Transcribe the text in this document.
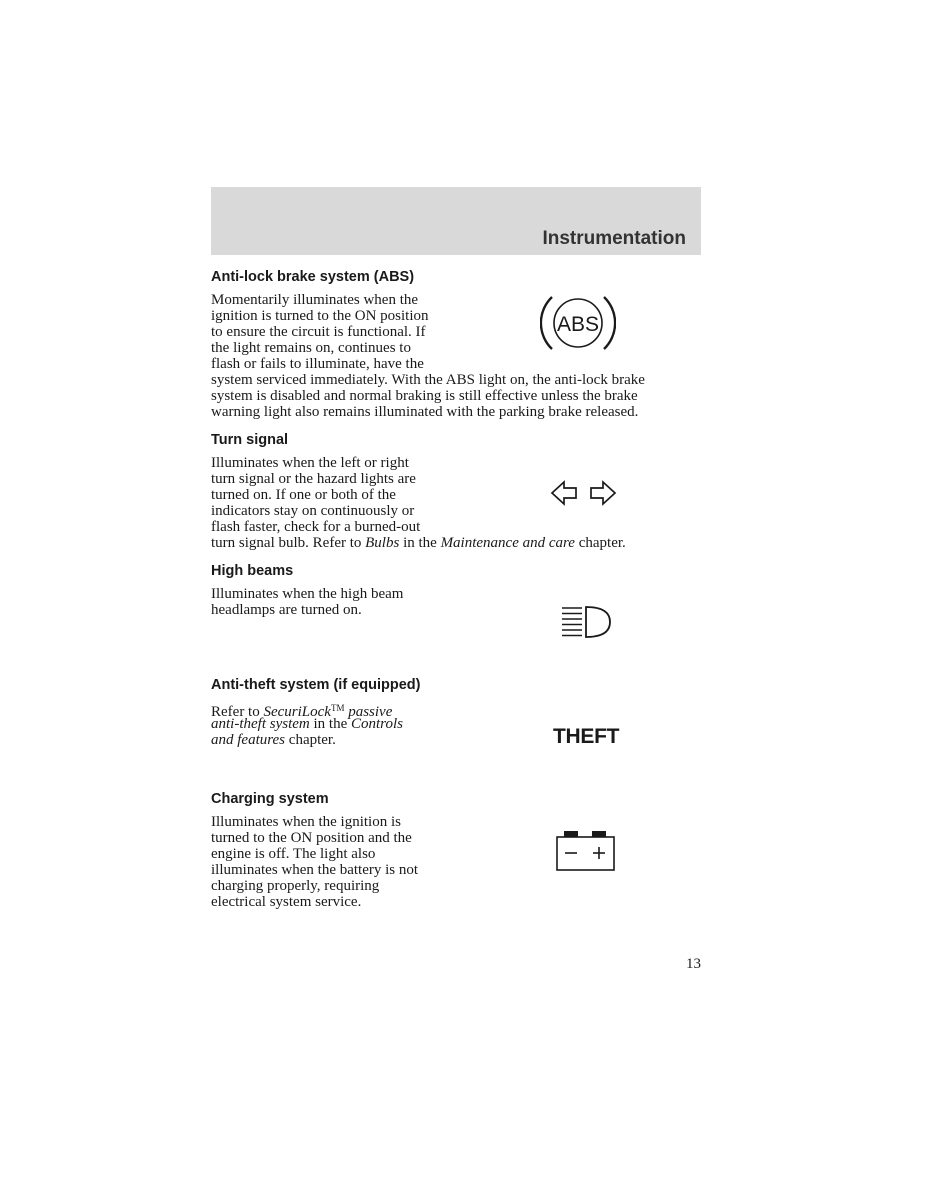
Instrumentation
Anti-lock brake system (ABS)

Momentarily illuminates when the

ignition is turned to the ON position

to ensure the circuit is functional. If

the light remains on, continues to

flash or fails to illuminate, have the

system serviced immediately. With the ABS light on, the anti-lock brake

system is disabled and normal braking is still effective unless the brake

warning light also remains illuminated with the parking brake released.

ABS
Turn signal

Illuminates when the left or right

turn signal or the hazard lights are

turned on. If one or both of the

indicators stay on continuously or

flash faster, check for a burned-out

turn signal bulb. Refer to Bulbs in the Maintenance and care chapter.

High beams

Illuminates when the high beam

headlamps are turned on.

Anti-theft system (if equipped)

Refer to SecuriLock™ passive

anti-theft system in the Controls

and features chapter.	THEFT

Charging system

Illuminates when the ignition is

turned to the ON position and the

engine is off. The light also

illuminates when the battery is not

charging properly, requiring

electrical system service.

13
